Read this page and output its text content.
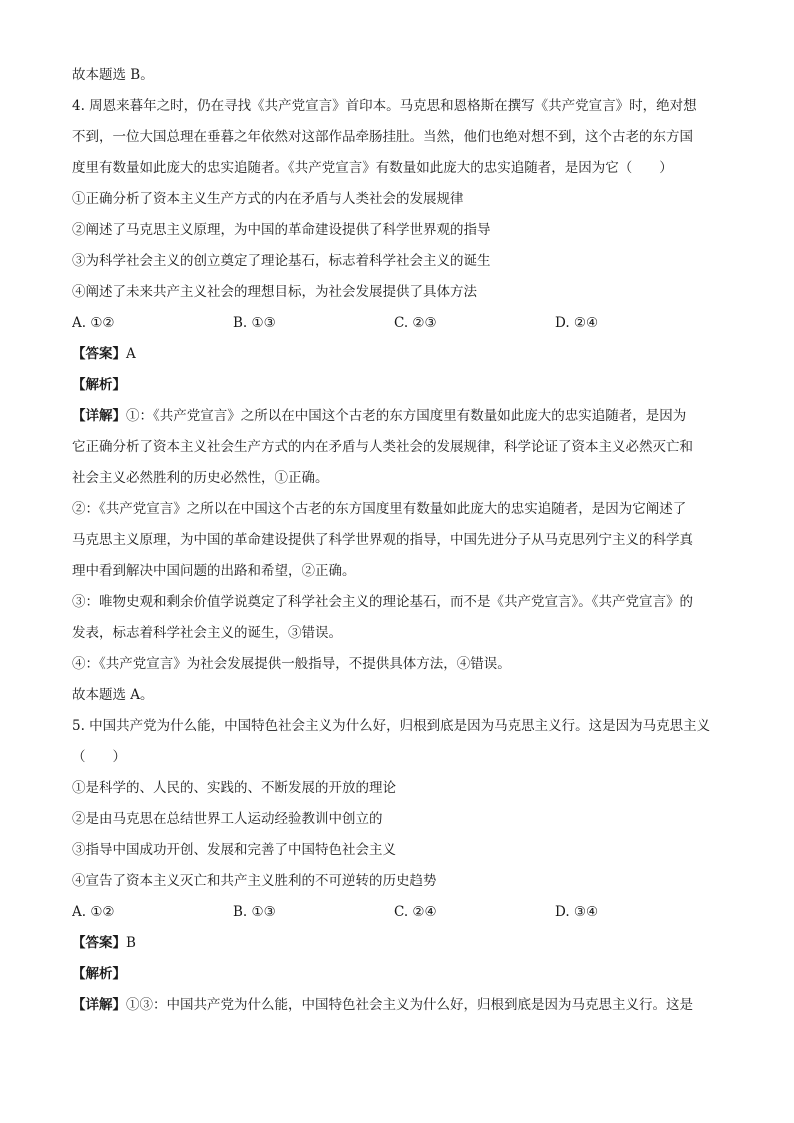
故本题选 B。
4. 周恩来暮年之时，仍在寻找《共产党宣言》首印本。马克思和恩格斯在撰写《共产党宣言》时，绝对想
不到，一位大国总理在垂暮之年依然对这部作品牵肠挂肚。当然，他们也绝对想不到，这个古老的东方国
度里有数量如此庞大的忠实追随者。《共产党宣言》有数量如此庞大的忠实追随者，是因为它（　　）
①正确分析了资本主义生产方式的内在矛盾与人类社会的发展规律
②阐述了马克思主义原理，为中国的革命建设提供了科学世界观的指导
③为科学社会主义的创立奠定了理论基石，标志着科学社会主义的诞生
④阐述了未来共产主义社会的理想目标，为社会发展提供了具体方法
A. ①②	B. ①③	C. ②③	D. ②④
【答案】A
【解析】
【详解】①：《共产党宣言》之所以在中国这个古老的东方国度里有数量如此庞大的忠实追随者，是因为
它正确分析了资本主义社会生产方式的内在矛盾与人类社会的发展规律，科学论证了资本主义必然灭亡和
社会主义必然胜利的历史必然性，①正确。
②：《共产党宣言》之所以在中国这个古老的东方国度里有数量如此庞大的忠实追随者，是因为它阐述了
马克思主义原理，为中国的革命建设提供了科学世界观的指导，中国先进分子从马克思列宁主义的科学真
理中看到解决中国问题的出路和希望，②正确。
③：唯物史观和剩余价值学说奠定了科学社会主义的理论基石，而不是《共产党宣言》。《共产党宣言》的
发表，标志着科学社会主义的诞生，③错误。
④：《共产党宣言》为社会发展提供一般指导，不提供具体方法，④错误。
故本题选 A。
5. 中国共产党为什么能，中国特色社会主义为什么好，归根到底是因为马克思主义行。这是因为马克思主义
（　　）
①是科学的、人民的、实践的、不断发展的开放的理论
②是由马克思在总结世界工人运动经验教训中创立的
③指导中国成功开创、发展和完善了中国特色社会主义
④宣告了资本主义灭亡和共产主义胜利的不可逆转的历史趋势
A. ①②	B. ①③	C. ②④	D. ③④
【答案】B
【解析】
【详解】①③：中国共产党为什么能，中国特色社会主义为什么好，归根到底是因为马克思主义行。这是
